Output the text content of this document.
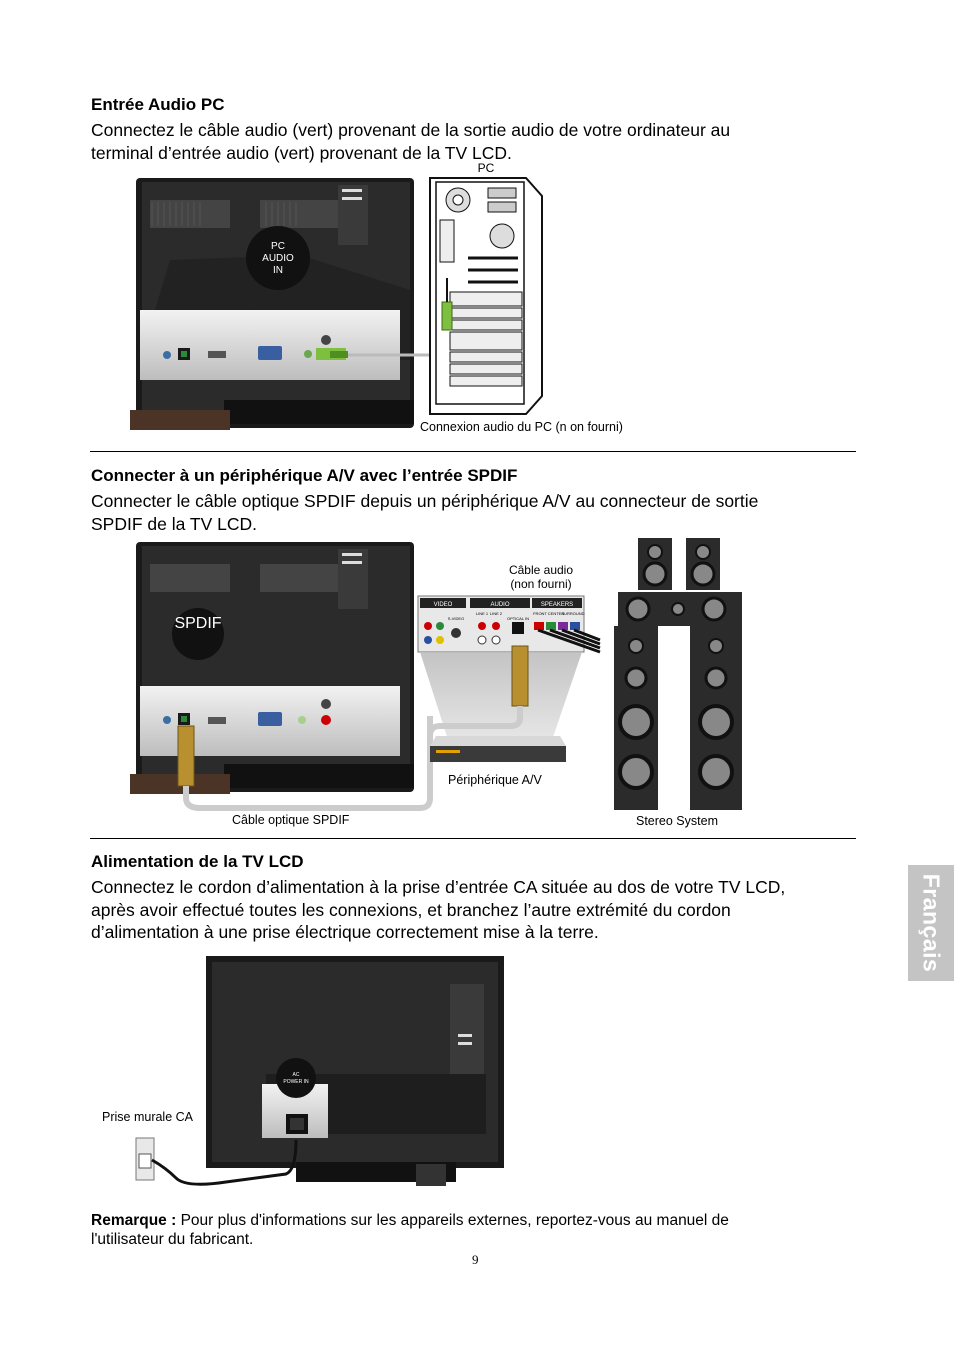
Entrée Audio PC
Connectez le câble audio (vert) provenant de la sortie audio de votre ordinateur au
terminal d’entrée audio (vert) provenant de la TV LCD.
PC
AUDIO
IN
PC
Connexion audio du PC (n on fourni)
Connecter à un périphérique A/V avec l’entrée SPDIF
Connecter le câble optique SPDIF depuis un périphérique A/V au connecteur de sortie
SPDIF de la TV LCD.
SPDIF
VIDEO	AUDIO	SPEAKERS
S-VIDEO	OPTICAL IN
LINE 1 LINE 2	FRONT CENTER
SURROUND
Câble audio
(non fourni)
Périphérique A/V
Câble optique SPDIF	Stereo System
Alimentation de la TV LCD
Connectez le cordon d’alimentation à la prise d’entrée CA située au dos de votre TV LCD,
après avoir effectué toutes les connexions, et branchez l’autre extrémité du cordon
d’alimentation à une prise électrique correctement mise à la terre.
AC
POWER IN
Prise murale CA
Remarque : Pour plus d'informations sur les appareils externes, reportez-vous au manuel de
l'utilisateur du fabricant.
9
Français
